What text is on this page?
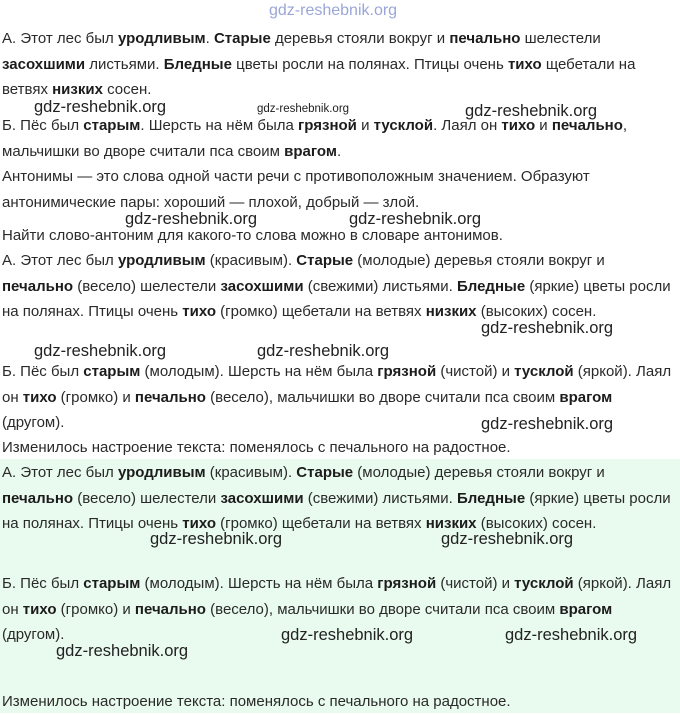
А. Этот лес был уродливым. Старые деревья стояли вокруг и печально шелестели засохшими листьями. Бледные цветы росли на полянах. Птицы очень тихо щебетали на ветвях низких сосен.

Б. Пёс был старым. Шерсть на нём была грязной и тусклой. Лаял он тихо и печально, мальчишки во дворе считали пса своим врагом.

Антонимы — это слова одной части речи с противоположным значением. Образуют антонимические пары: хороший — плохой, добрый — злой.

Найти слово-антоним для какого-то слова можно в словаре антонимов.

А. Этот лес был уродливым (красивым). Старые (молодые) деревья стояли вокруг и печально (весело) шелестели засохшими (свежими) листьями. Бледные (яркие) цветы росли на полянах. Птицы очень тихо (громко) щебетали на ветвях низких (высоких) сосен.

Б. Пёс был старым (молодым). Шерсть на нём была грязной (чистой) и тусклой (яркой). Лаял он тихо (громко) и печально (весело), мальчишки во дворе считали пса своим врагом (другом).

Изменилось настроение текста: поменялось с печального на радостное.

А. Этот лес был уродливым (красивым). Старые (молодые) деревья стояли вокруг и печально (весело) шелестели засохшими (свежими) листьями. Бледные (яркие) цветы росли на полянах. Птицы очень тихо (громко) щебетали на ветвях низких (высоких) сосен.

Б. Пёс был старым (молодым). Шерсть на нём была грязной (чистой) и тусклой (яркой). Лаял он тихо (громко) и печально (весело), мальчишки во дворе считали пса своим врагом (другом).

Изменилось настроение текста: поменялось с печального на радостное.

gdz-reshebnik.org
gdz-reshebnik.org	gdz-reshebnik.org	gdz-reshebnik.org
gdz-reshebnik.org	gdz-reshebnik.org
gdz-reshebnik.org
gdz-reshebnik.org	gdz-reshebnik.org
gdz-reshebnik.org
gdz-reshebnik.org	gdz-reshebnik.org
gdz-reshebnik.org	gdz-reshebnik.org
gdz-reshebnik.org
